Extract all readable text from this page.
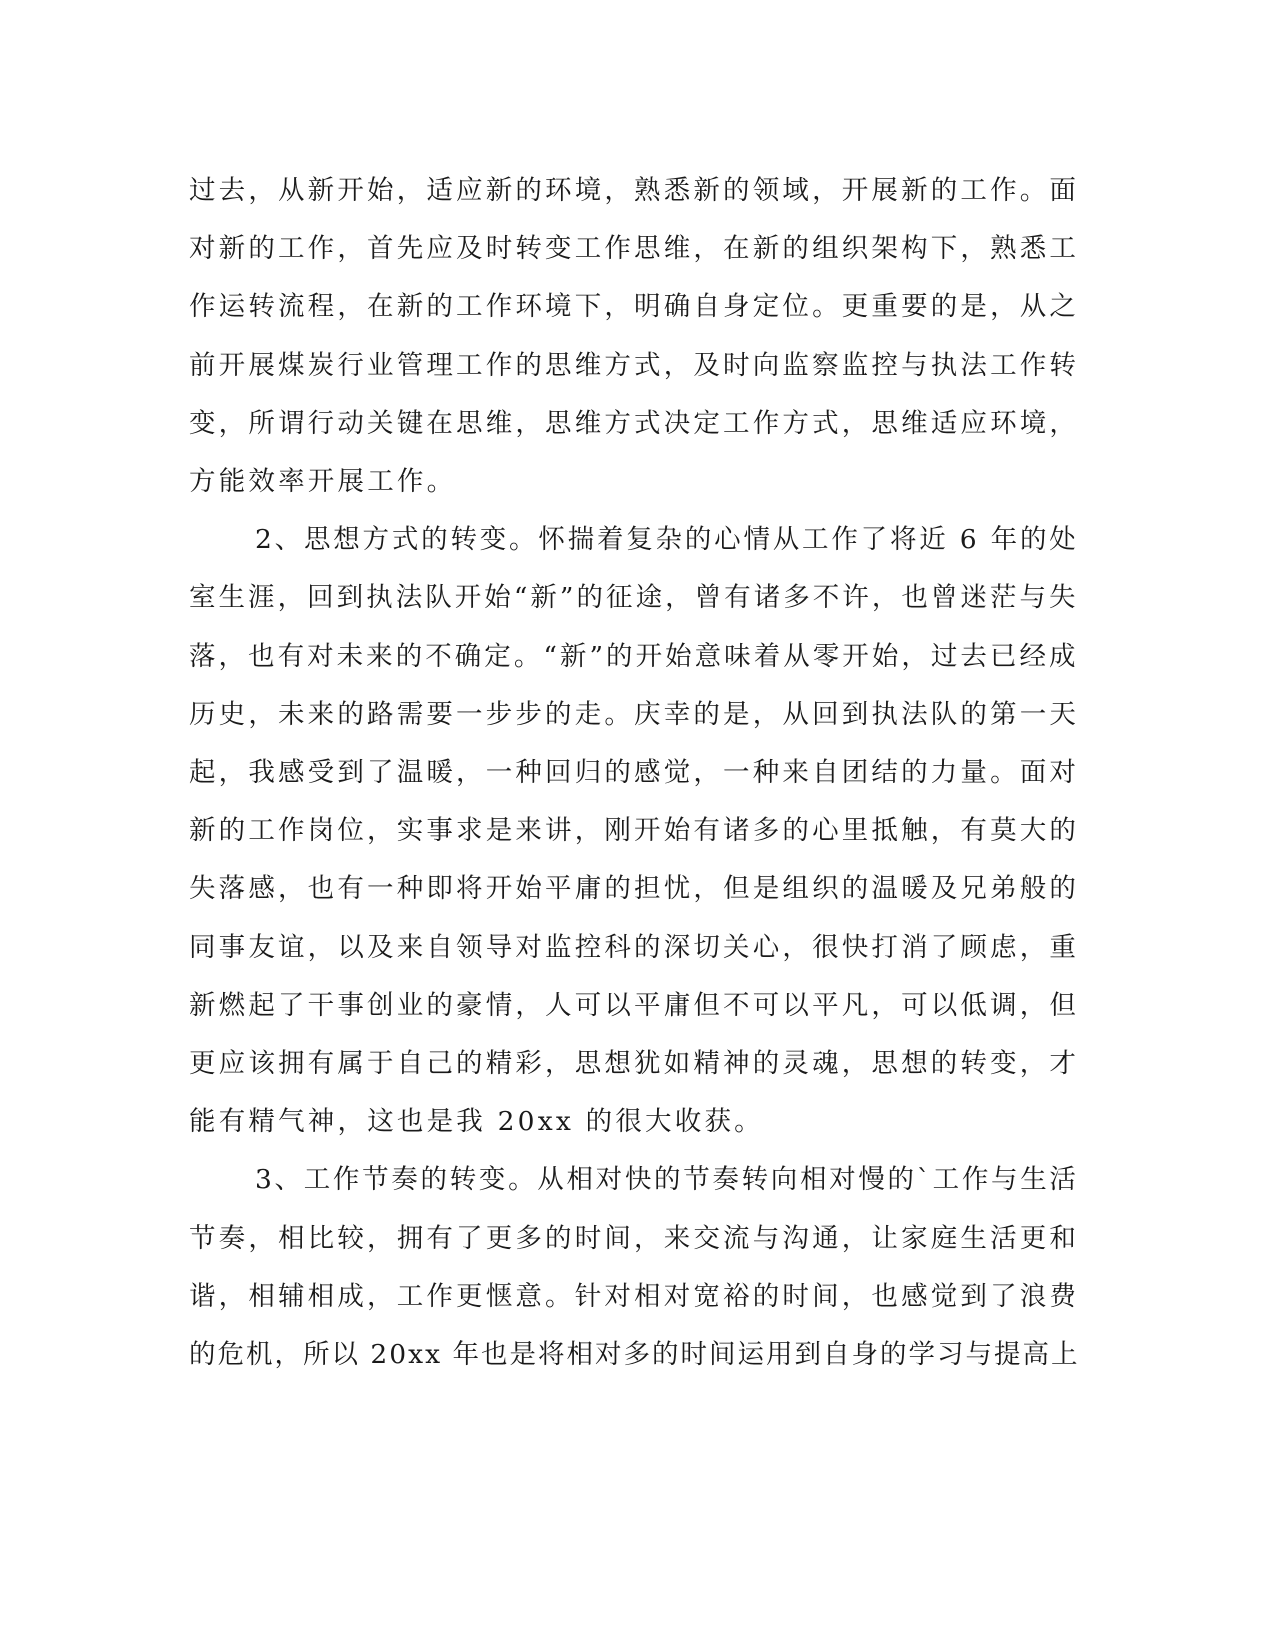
过去，从新开始，适应新的环境，熟悉新的领域，开展新的工作。面
对新的工作，首先应及时转变工作思维，在新的组织架构下，熟悉工
作运转流程，在新的工作环境下，明确自身定位。更重要的是，从之
前开展煤炭行业管理工作的思维方式，及时向监察监控与执法工作转
变，所谓行动关键在思维，思维方式决定工作方式，思维适应环境，
方能效率开展工作。

2、思想方式的转变。怀揣着复杂的心情从工作了将近 6 年的处
室生涯，回到执法队开始“新”的征途，曾有诸多不许，也曾迷茫与失
落，也有对未来的不确定。“新”的开始意味着从零开始，过去已经成
历史，未来的路需要一步步的走。庆幸的是，从回到执法队的第一天
起，我感受到了温暖，一种回归的感觉，一种来自团结的力量。面对
新的工作岗位，实事求是来讲，刚开始有诸多的心里抵触，有莫大的
失落感，也有一种即将开始平庸的担忧，但是组织的温暖及兄弟般的
同事友谊，以及来自领导对监控科的深切关心，很快打消了顾虑，重
新燃起了干事创业的豪情，人可以平庸但不可以平凡，可以低调，但
更应该拥有属于自己的精彩，思想犹如精神的灵魂，思想的转变，才
能有精气神，这也是我 20xx 的很大收获。

3、工作节奏的转变。从相对快的节奏转向相对慢的`工作与生活
节奏，相比较，拥有了更多的时间，来交流与沟通，让家庭生活更和
谐，相辅相成，工作更惬意。针对相对宽裕的时间，也感觉到了浪费
的危机，所以 20xx 年也是将相对多的时间运用到自身的学习与提高上
